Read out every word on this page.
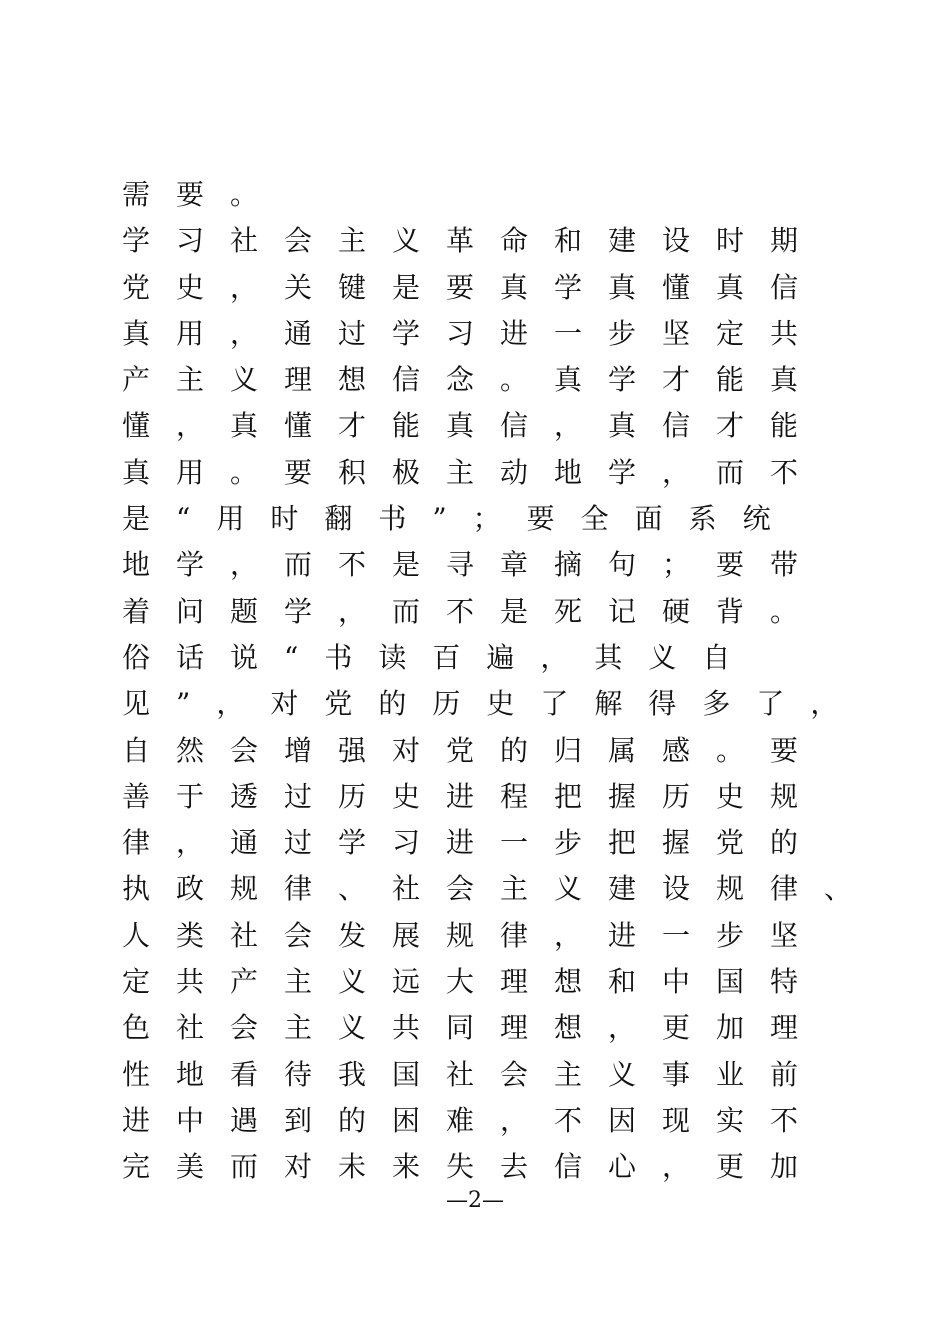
需要。
学习社会主义革命和建设时期
党史，关键是要真学真懂真信
真用，通过学习进一步坚定共
产主义理想信念。真学才能真
懂，真懂才能真信，真信才能
真用。要积极主动地学，而不
是“用时翻书”；要全面系统
地学，而不是寻章摘句；要带
着问题学，而不是死记硬背。
俗话说“书读百遍，其义自
见”，对党的历史了解得多了，
自然会增强对党的归属感。要
善于透过历史进程把握历史规
律，通过学习进一步把握党的
执政规律、社会主义建设规律、
人类社会发展规律，进一步坚
定共产主义远大理想和中国特
色社会主义共同理想，更加理
性地看待我国社会主义事业前
进中遇到的困难，不因现实不
完美而对未来失去信心，更加
—2—
